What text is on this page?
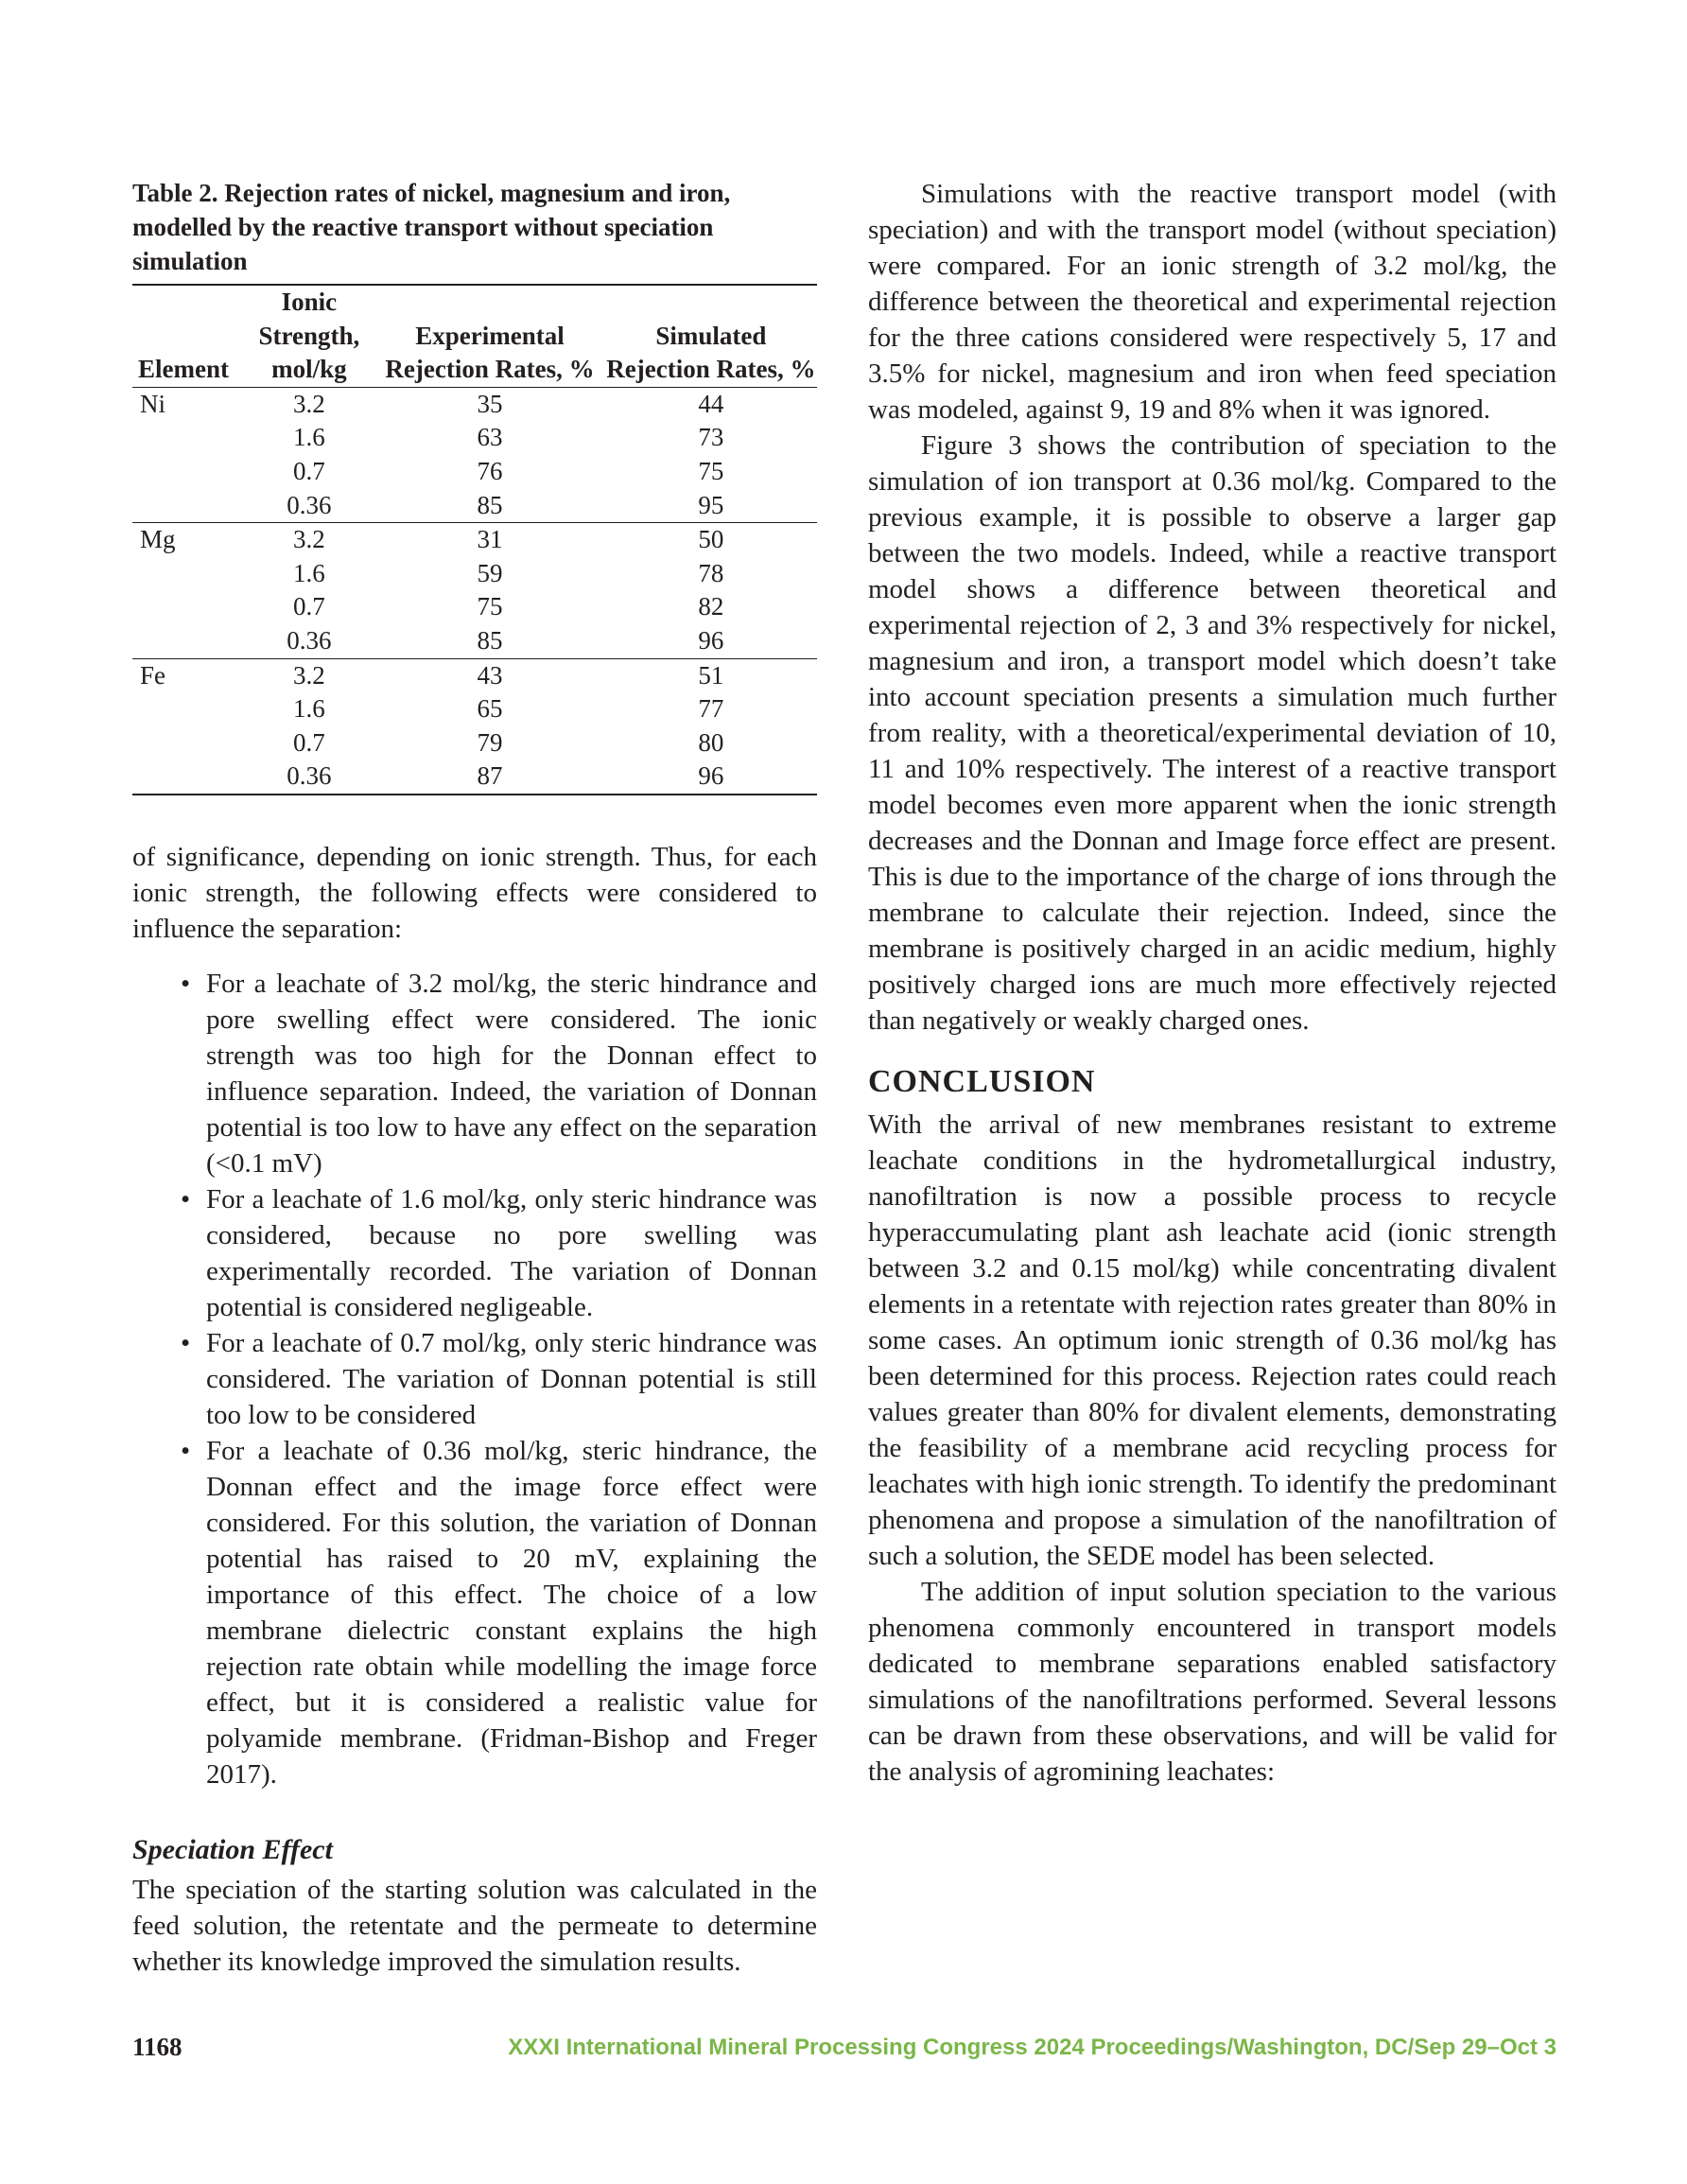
Table 2. Rejection rates of nickel, magnesium and iron, modelled by the reactive transport without speciation simulation
Element	Ionic Strength, mol/kg	Experimental Rejection Rates, %	Simulated Rejection Rates, %
Ni	3.2	35	44
	1.6	63	73
	0.7	76	75
	0.36	85	95
Mg	3.2	31	50
	1.6	59	78
	0.7	75	82
	0.36	85	96
Fe	3.2	43	51
	1.6	65	77
	0.7	79	80
	0.36	87	96

of significance, depending on ionic strength. Thus, for each ionic strength, the following effects were considered to influence the separation:

• For a leachate of 3.2 mol/kg, the steric hindrance and pore swelling effect were considered. The ionic strength was too high for the Donnan effect to influence separation. Indeed, the variation of Donnan potential is too low to have any effect on the separation (<0.1 mV)
• For a leachate of 1.6 mol/kg, only steric hindrance was considered, because no pore swelling was experimentally recorded. The variation of Donnan potential is considered negligeable.
• For a leachate of 0.7 mol/kg, only steric hindrance was considered. The variation of Donnan potential is still too low to be considered
• For a leachate of 0.36 mol/kg, steric hindrance, the Donnan effect and the image force effect were considered. For this solution, the variation of Donnan potential has raised to 20 mV, explaining the importance of this effect. The choice of a low membrane dielectric constant explains the high rejection rate obtain while modelling the image force effect, but it is considered a realistic value for polyamide membrane. (Fridman-Bishop and Freger 2017).
Speciation Effect

The speciation of the starting solution was calculated in the feed solution, the retentate and the permeate to determine whether its knowledge improved the simulation results.

Simulations with the reactive transport model (with speciation) and with the transport model (without speciation) were compared. For an ionic strength of 3.2 mol/kg, the difference between the theoretical and experimental rejection for the three cations considered were respectively 5, 17 and 3.5% for nickel, magnesium and iron when feed speciation was modeled, against 9, 19 and 8% when it was ignored.

Figure 3 shows the contribution of speciation to the simulation of ion transport at 0.36 mol/kg. Compared to the previous example, it is possible to observe a larger gap between the two models. Indeed, while a reactive transport model shows a difference between theoretical and experimental rejection of 2, 3 and 3% respectively for nickel, magnesium and iron, a transport model which doesn’t take into account speciation presents a simulation much further from reality, with a theoretical/experimental deviation of 10, 11 and 10% respectively. The interest of a reactive transport model becomes even more apparent when the ionic strength decreases and the Donnan and Image force effect are present. This is due to the importance of the charge of ions through the membrane to calculate their rejection. Indeed, since the membrane is positively charged in an acidic medium, highly positively charged ions are much more effectively rejected than negatively or weakly charged ones.

CONCLUSION

With the arrival of new membranes resistant to extreme leachate conditions in the hydrometallurgical industry, nanofiltration is now a possible process to recycle hyperaccumulating plant ash leachate acid (ionic strength between 3.2 and 0.15 mol/kg) while concentrating divalent elements in a retentate with rejection rates greater than 80% in some cases. An optimum ionic strength of 0.36 mol/kg has been determined for this process. Rejection rates could reach values greater than 80% for divalent elements, demonstrating the feasibility of a membrane acid recycling process for leachates with high ionic strength. To identify the predominant phenomena and propose a simulation of the nanofiltration of such a solution, the SEDE model has been selected.

The addition of input solution speciation to the various phenomena commonly encountered in transport models dedicated to membrane separations enabled satisfactory simulations of the nanofiltrations performed. Several lessons can be drawn from these observations, and will be valid for the analysis of agromining leachates:

1168	XXXI International Mineral Processing Congress 2024 Proceedings/Washington, DC/Sep 29–Oct 3
